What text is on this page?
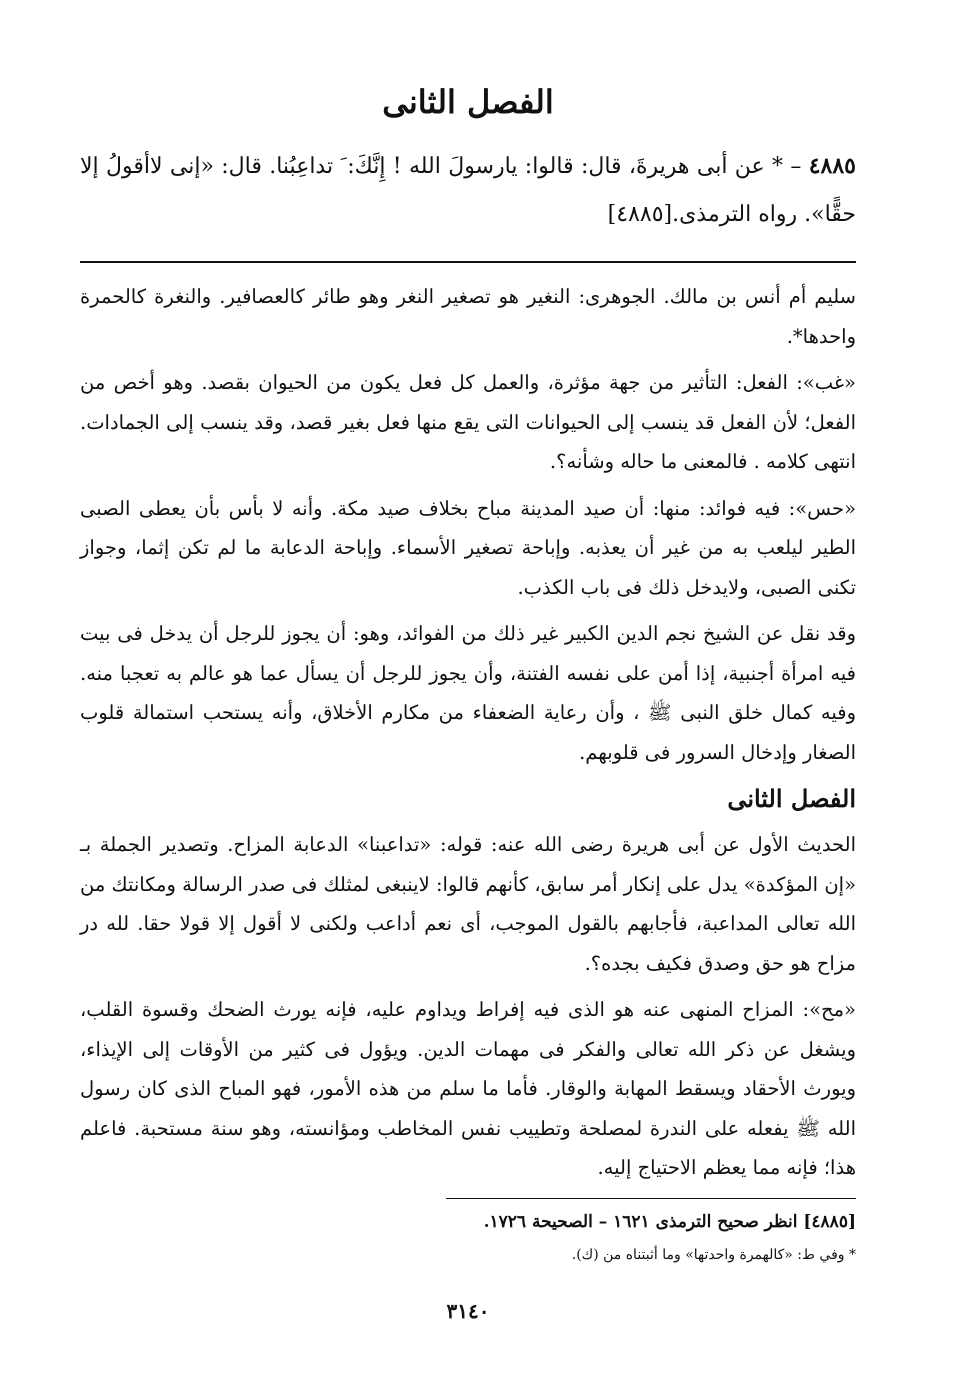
الفصل الثانى

٤٨٨٥ – * عن أبى هريرةَ، قال: قالوا: يارسولَ الله ! إِنَّكَ: َ تداعِبُنا. قال: «إنى لاأقولُ إلا حقًّا». رواه الترمذى.[٤٨٨٥]

سليم أم أنس بن مالك. الجوهرى: النغير هو تصغير النغر وهو طائر كالعصافير. والنغرة كالحمرة واحدها*.

«غب»: الفعل: التأثير من جهة مؤثرة، والعمل كل فعل يكون من الحيوان بقصد. وهو أخص من الفعل؛ لأن الفعل قد ينسب إلى الحيوانات التى يقع منها فعل بغير قصد، وقد ينسب إلى الجمادات. انتهى كلامه . فالمعنى ما حاله وشأنه؟.

«حس»: فيه فوائد: منها: أن صيد المدينة مباح بخلاف صيد مكة. وأنه لا بأس بأن يعطى الصبى الطير ليلعب به من غير أن يعذبه. وإباحة تصغير الأسماء. وإباحة الدعابة ما لم تكن إثما، وجواز تكنى الصبى، ولايدخل ذلك فى باب الكذب.

وقد نقل عن الشيخ نجم الدين الكبير غير ذلك من الفوائد، وهو: أن يجوز للرجل أن يدخل فى بيت فيه امرأة أجنبية، إذا أمن على نفسه الفتنة، وأن يجوز للرجل أن يسأل عما هو عالم به تعجبا منه. وفيه كمال خلق النبى ﷺ ، وأن رعاية الضعفاء من مكارم الأخلاق، وأنه يستحب استمالة قلوب الصغار وإدخال السرور فى قلوبهم.

الفصل الثانى

الحديث الأول عن أبى هريرة رضى الله عنه: قوله: «تداعبنا» الدعابة المزاح. وتصدير الجملة بـ «إن المؤكدة» يدل على إنكار أمر سابق، كأنهم قالوا: لاينبغى لمثلك فى صدر الرسالة ومكانتك من الله تعالى المداعبة، فأجابهم بالقول الموجب، أى نعم أداعب ولكنى لا أقول إلا قولا حقا. لله در مزاح هو حق وصدق فكيف بجده؟.

«مح»: المزاح المنهى عنه هو الذى فيه إفراط ويداوم عليه، فإنه يورث الضحك وقسوة القلب، ويشغل عن ذكر الله تعالى والفكر فى مهمات الدين. ويؤول فى كثير من الأوقات إلى الإيذاء، ويورث الأحقاد ويسقط المهابة والوقار. فأما ما سلم من هذه الأمور، فهو المباح الذى كان رسول الله ﷺ يفعله على الندرة لمصلحة وتطييب نفس المخاطب ومؤانسته، وهو سنة مستحبة. فاعلم هذا؛ فإنه مما يعظم الاحتياج إليه.

[٤٨٨٥] انظر صحيح الترمذى ١٦٢١ – الصحيحة ١٧٢٦.

* وفي ط: «كالهمرة واحدتها» وما أثبتناه من (ك).

٣١٤٠
